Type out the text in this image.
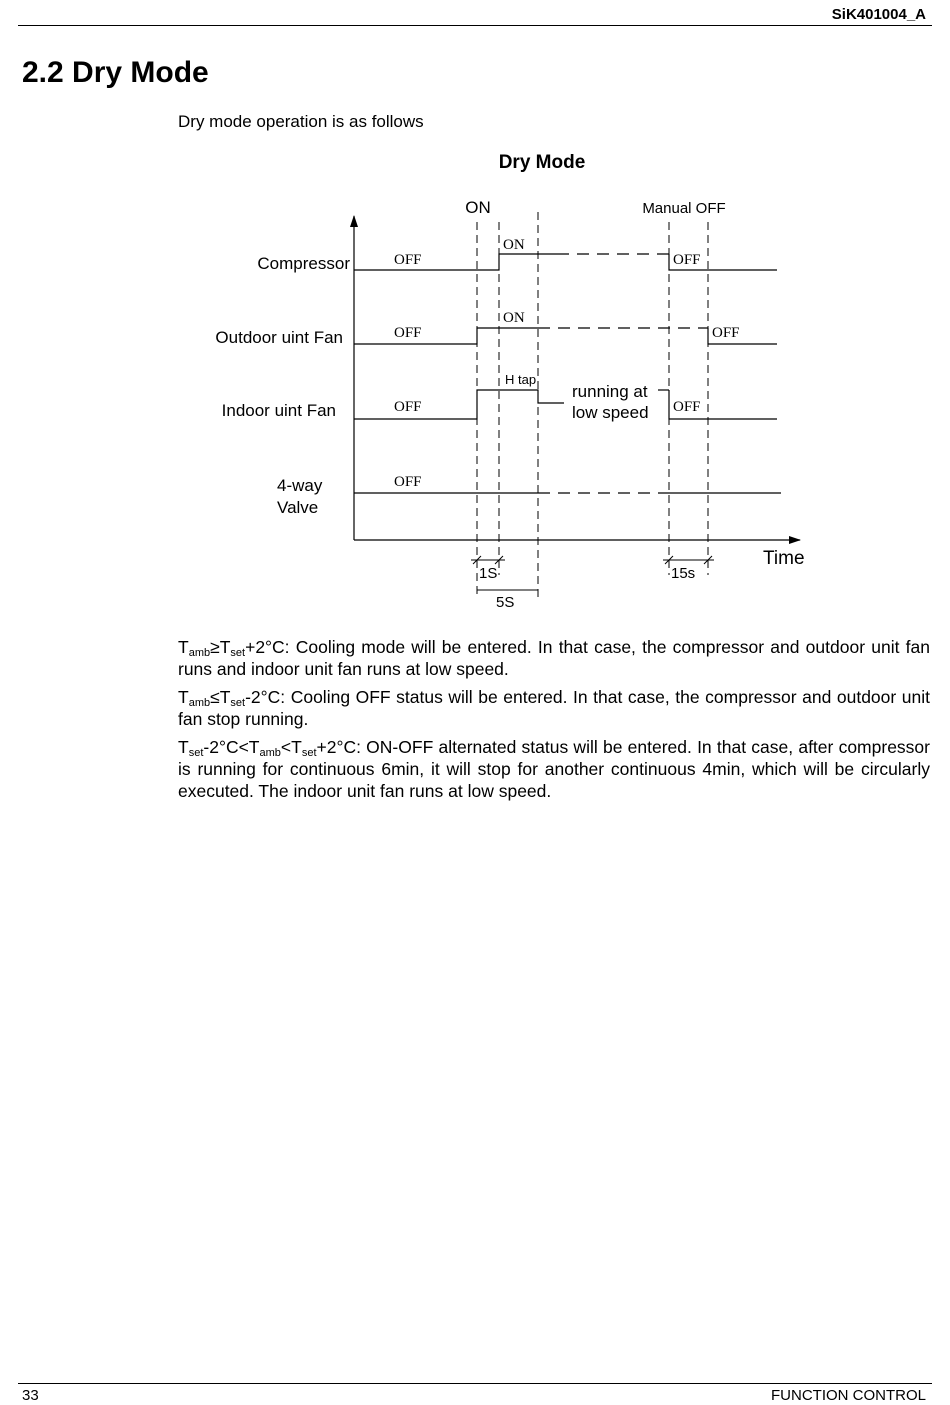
SiK401004_A
2.2 Dry Mode
Dry mode operation is as follows
Dry Mode
ON	Manual OFF
Compressor
Outdoor uint Fan
Indoor uint Fan
4-way
Valve
Time
OFF
ON
OFF
OFF
ON
OFF
OFF	OFF
OFF
H tap
running at
low speed
1S	15s
5S

$T_{amb}\ge T_{set}+2^\circ C$: Cooling mode will be entered. In that case, the compressor and outdoor unit fan runs and indoor unit fan runs at low speed.

$T_{amb}\le T_{set}-2^\circ C$: Cooling OFF status will be entered. In that case, the compressor and outdoor unit fan stop running.

$T_{set}-2^\circ C<T_{amb}<T_{set}+2^\circ C$: ON-OFF alternated status will be entered. In that case, after compressor is running for continuous 6min, it will stop for another continuous 4min, which will be circularly executed. The indoor unit fan runs at low speed.

33	FUNCTION CONTROL
